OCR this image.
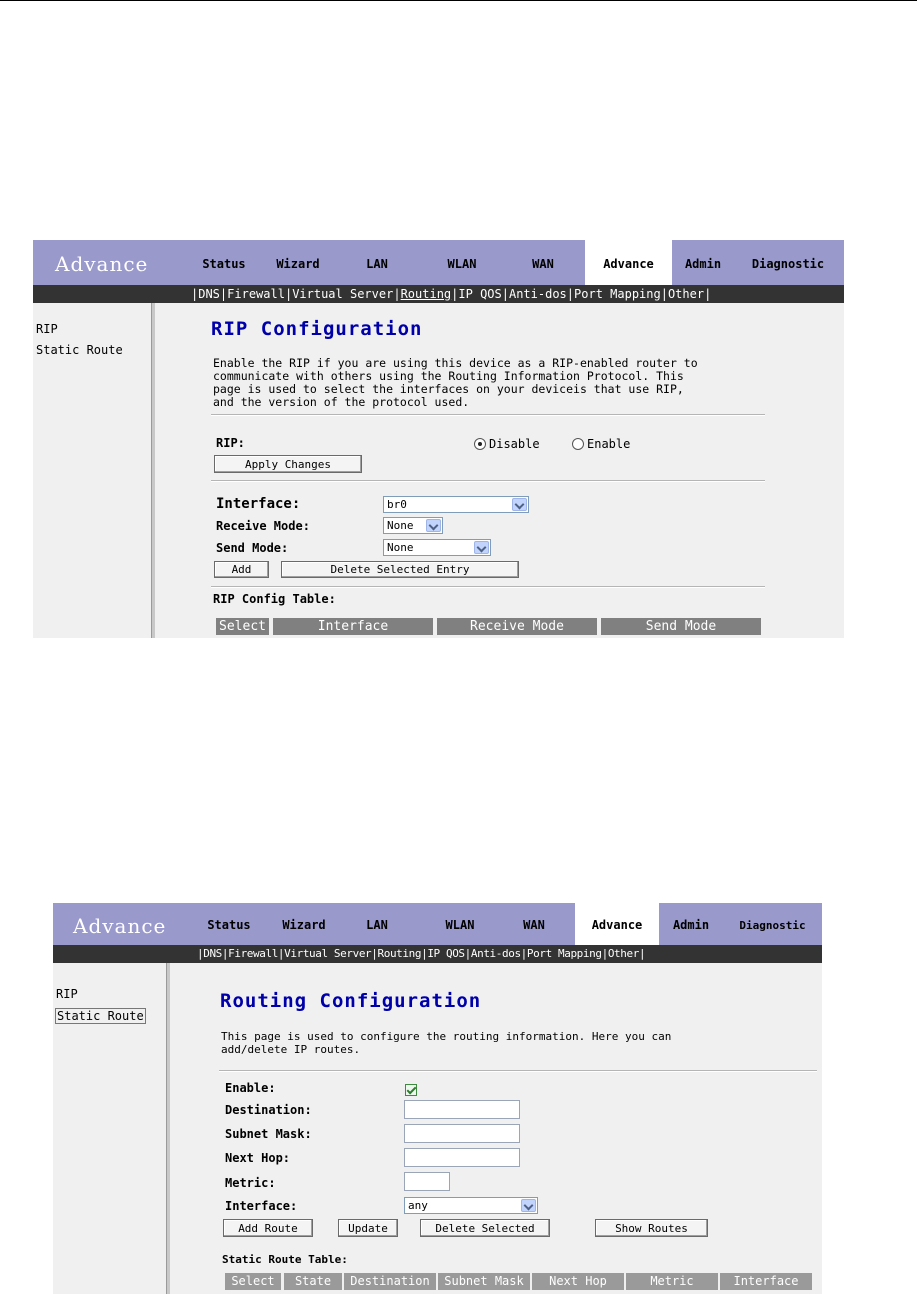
Advance	Status	Wizard	LAN	WLAN	WAN	Advance	Admin	Diagnostic
|DNS|Firewall|Virtual Server|Routing|IP QOS|Anti-dos|Port Mapping|Other|
RIP
Static Route
RIP Configuration
Enable the RIP if you are using this device as a RIP-enabled router to
communicate with others using the Routing Information Protocol. This
page is used to select the interfaces on your deviceis that use RIP,
and the version of the protocol used.
RIP:	Disable	Enable
Apply Changes
Interface:	br0
Receive Mode:	None
Send Mode:	None
Add	Delete Selected Entry
RIP Config Table:
Select	Interface	Receive Mode	Send Mode
Advance	Status	Wizard	LAN	WLAN	WAN	Advance	Admin	Diagnostic
|DNS|Firewall|Virtual Server|Routing|IP QOS|Anti-dos|Port Mapping|Other|
RIP
Static Route
Routing Configuration
This page is used to configure the routing information. Here you can
add/delete IP routes.
Enable:
Destination:
Subnet Mask:
Next Hop:
Metric:
Interface:	any
Add Route	Update	Delete Selected	Show Routes
Static Route Table:
Select	State	Destination	Subnet Mask	Next Hop	Metric	Interface
